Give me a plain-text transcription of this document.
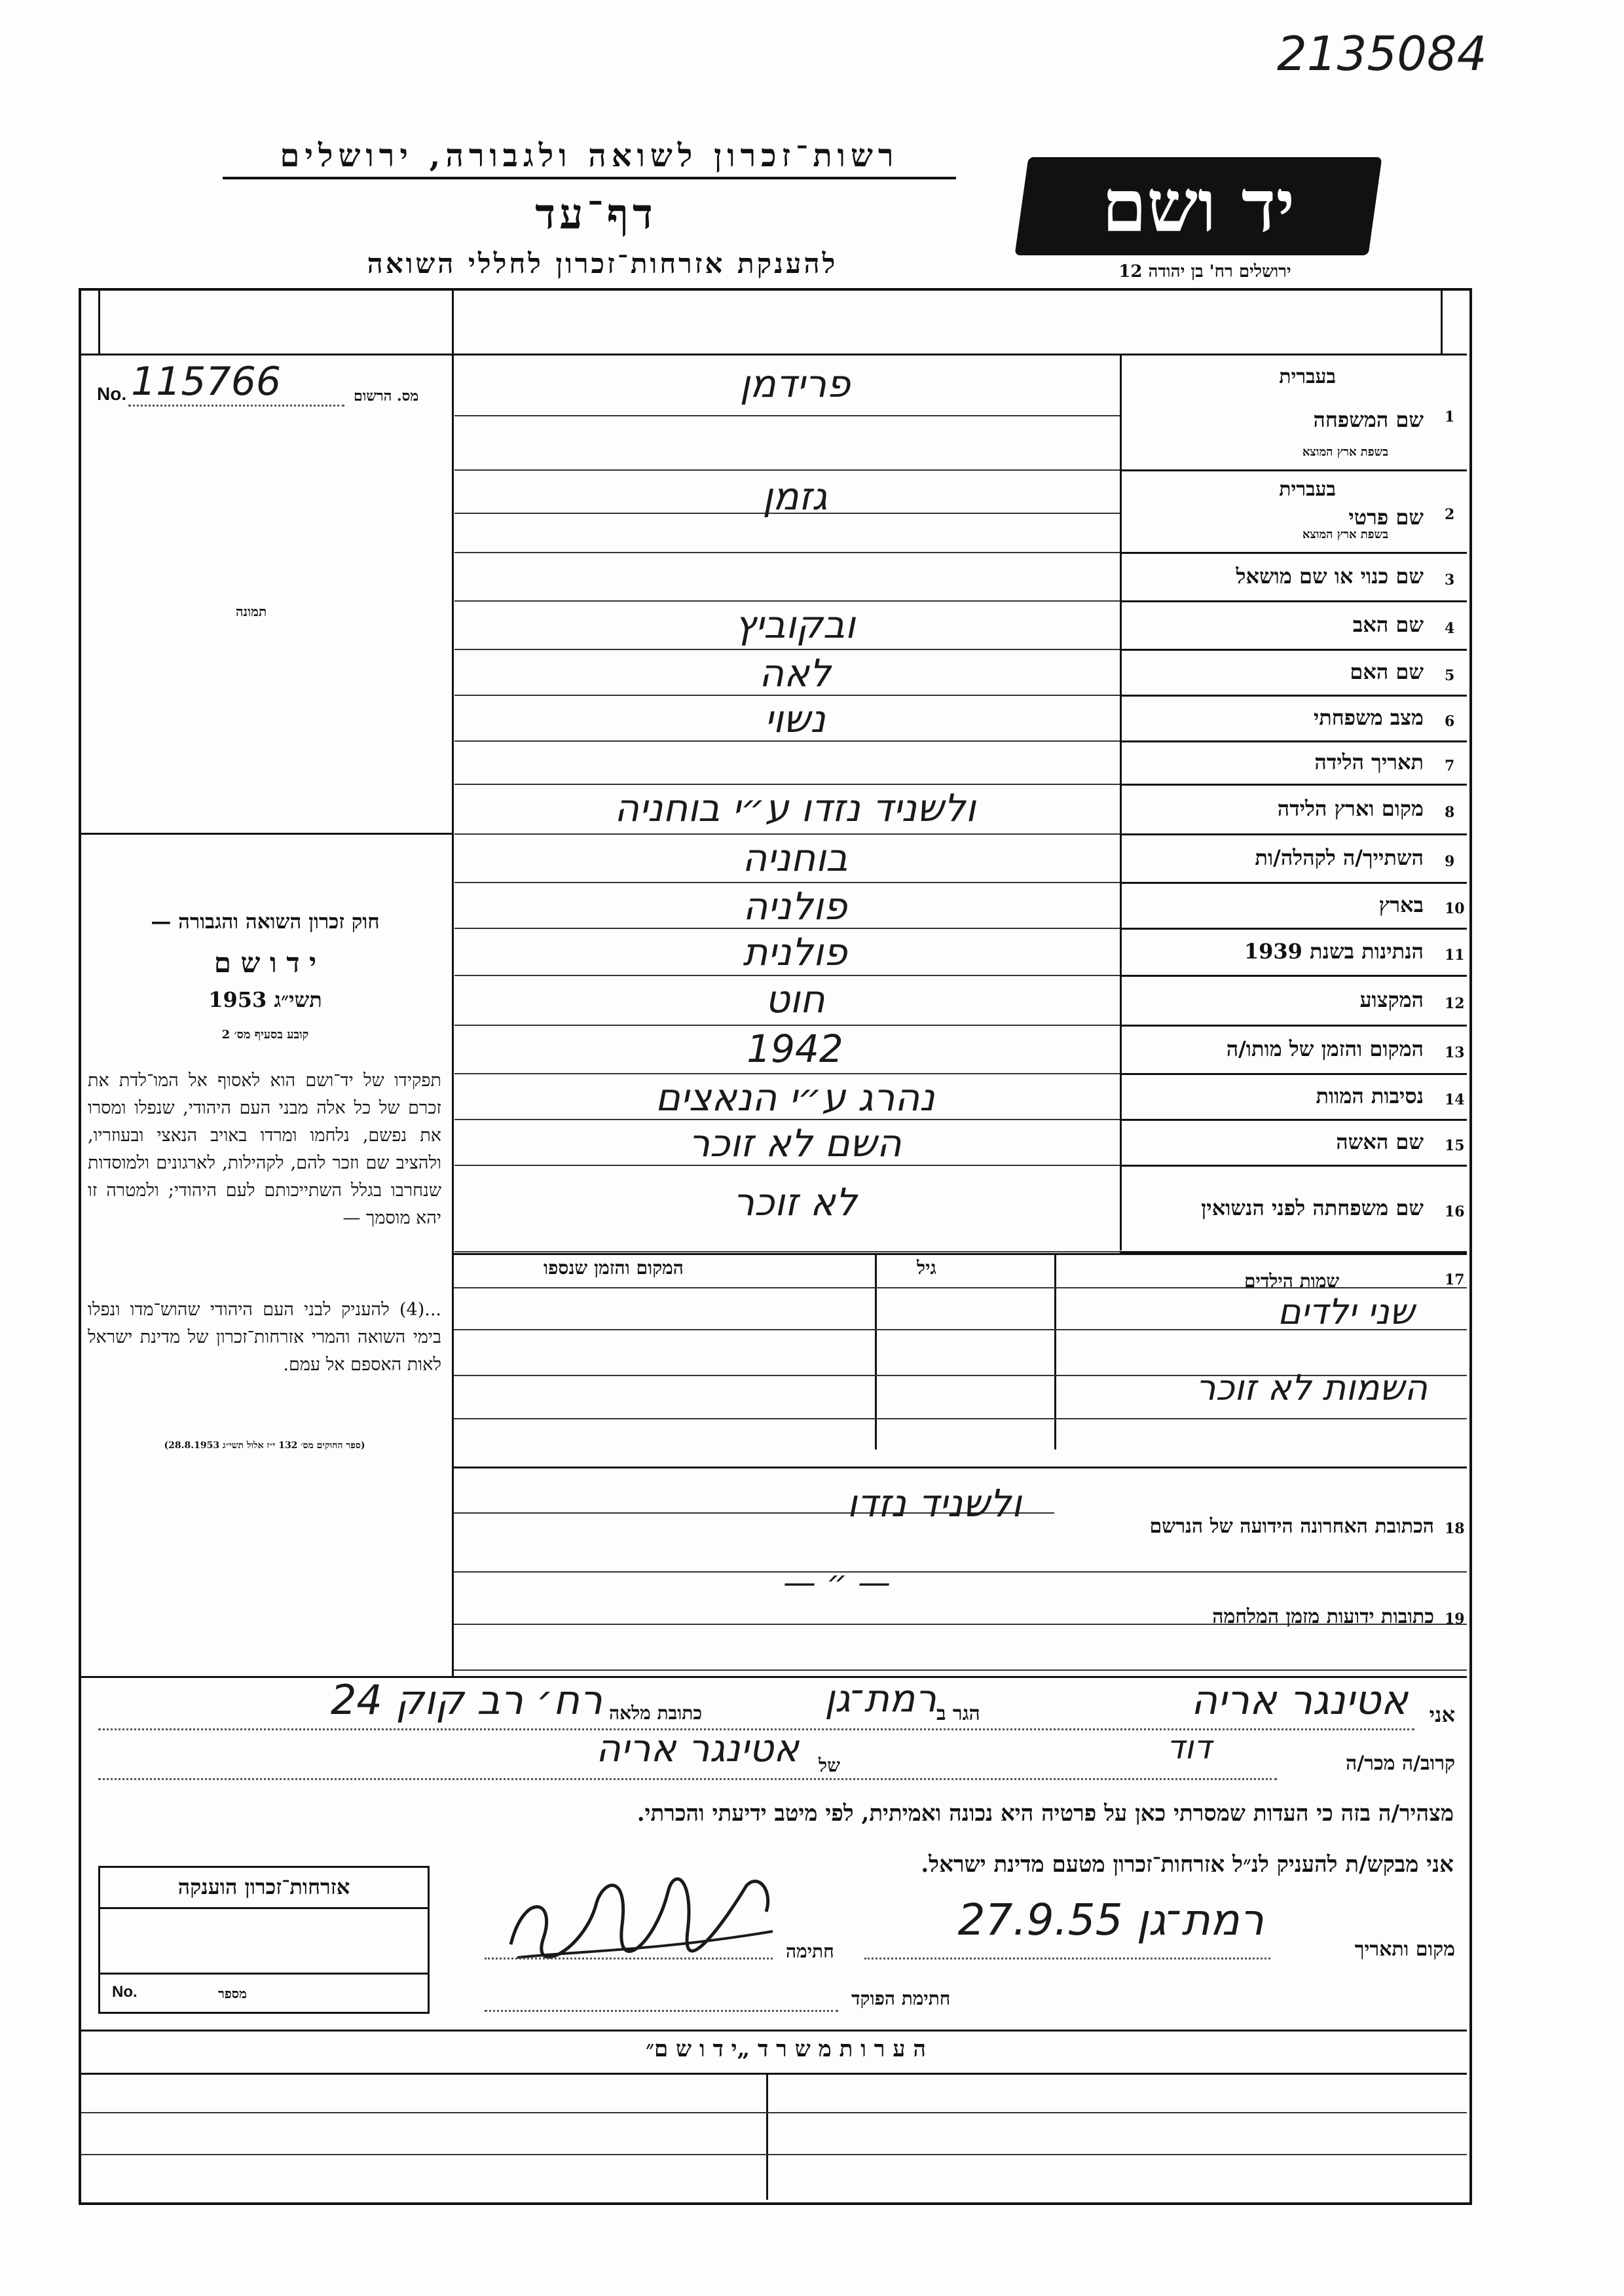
2135084
רשות־זכרון לשואה ולגבורה, ירושלים
דף־עד
להענקת אזרחות־זכרון לחללי השואה
יד ושם
ירושלים רח' בן יהודה 12
No. 115766	מס. הרשום
תמונה
חוק זכרון השואה והגבורה —
י ד ו ש ם
תשי״ג 1953
קובע בסעיף מס׳ 2
תפקידו של יד־ושם הוא לאסוף אל המו־לדת את זכרם של כל אלה מבני העם היהודי, שנפלו ומסרו את נפשם, נלחמו ומרדו באויב הנאצי ובעוזריו, ולהציב שם וזכר להם, לקהילות, לארגונים ולמוסדות שנחרבו בגלל השתייכותם לעם היהודי; ולמטרה זו יהא מוסמך —
...(4) להעניק לבני העם היהודי שהוש־מדו ונפלו בימי השואה והמרי אזרחות־זכרון של מדינת ישראל לאות האספם אל עמם.
(ספר החוקים מס׳ 132 י״ז אלול תשי״ג 28.8.1953)
1
שם המשפחה
בעברית
בשפת ארץ המוצא
פרידמן
2
שם פרטי
בעברית
בשפת ארץ המוצא
גזמן
3
שם כנוי או שם מושאל
4
שם האב
ובקוביץ
5
שם האם
לאה
6
מצב משפחתי
נשוי
7
תאריך הלידה
8
מקום וארץ הלידה
ולשניד נזדו ע״י בוחניה
9
השתייך/ה לקהלה/ות
בוחניה
10
בארץ
פולניה
11
הנתינות בשנת 1939
פולנית
12
המקצוע
חוט
13
המקום והזמן של מותו/ה
1942
14
נסיבות המוות
נהרג ע״י הנאצים
15
שם האשה
השם לא זוכר
16
שם משפחתה לפני הנשואין
לא זוכר
17
שמות הילדים
גיל
המקום והזמן שנספו
שני ילדים
השמות לא זוכר
18
הכתובת האחרונה הידועה של הנרשם
ולשניד נזדו
19
כתובות ידועות מזמן המלחמה
— ״ —
אני
אטינגר אריה
הגר ב
רמת־גן
כתובת מלאה
רח׳ רב קוק 24
קרוב/ה מכר/ה
דוד
של
אטינגר אריה
מצהיר/ה בזה כי העדות שמסרתי כאן על פרטיה היא נכונה ואמיתית, לפי מיטב ידיעתי והכרתי.
אני מבקש/ת להעניק לנ״ל אזרחות־זכרון מטעם מדינת ישראל.
מקום ותאריך
רמת־גן 27.9.55
חתימה
חתימת הפוקד
אזרחות־זכרון הוענקה
No.	מספר
ה ע ר ו ת מ ש ר ד „י ד ו ש ם״
